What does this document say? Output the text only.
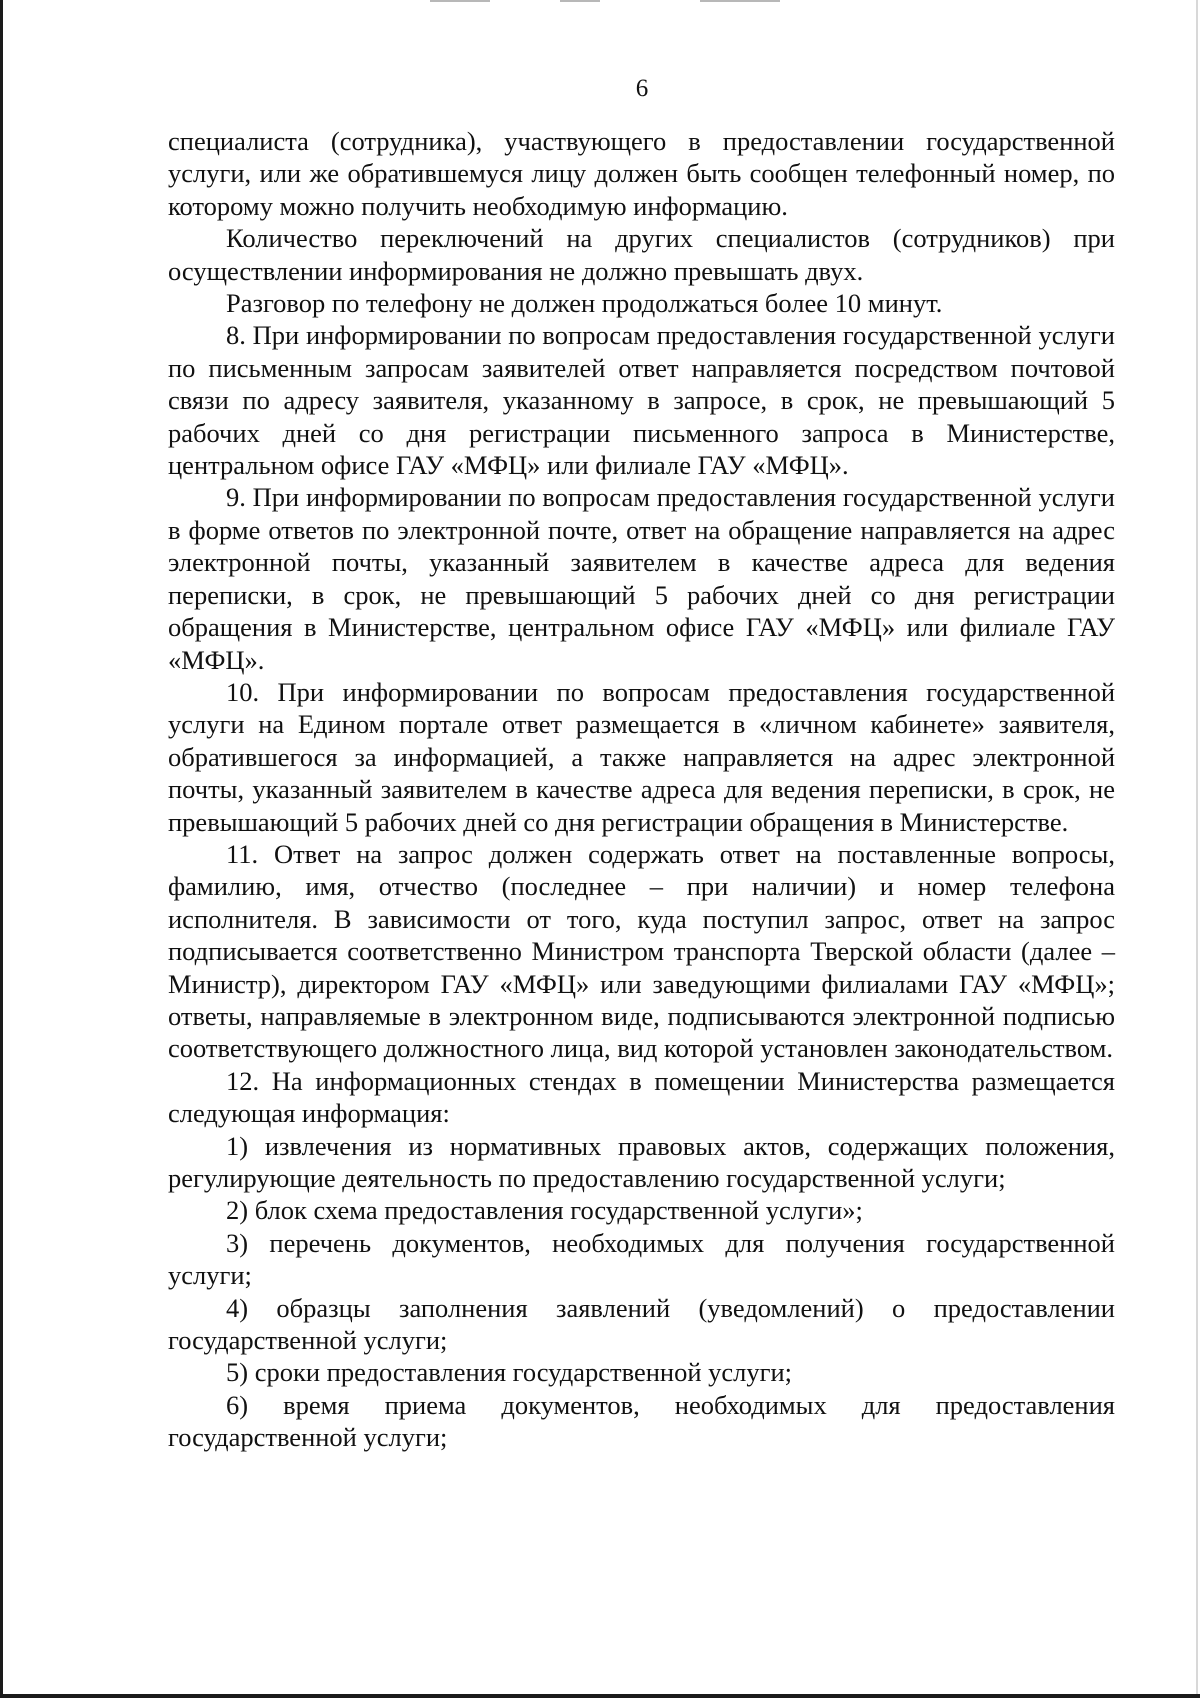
6

специалиста (сотрудника), участвующего в предоставлении государственной услуги, или же обратившемуся лицу должен быть сообщен телефонный номер, по которому можно получить необходимую информацию.

Количество переключений на других специалистов (сотрудников) при осуществлении информирования не должно превышать двух.

Разговор по телефону не должен продолжаться более 10 минут.

8. При информировании по вопросам предоставления государственной услуги по письменным запросам заявителей ответ направляется посредством почтовой связи по адресу заявителя, указанному в запросе, в срок, не превышающий 5 рабочих дней со дня регистрации письменного запроса в Министерстве, центральном офисе ГАУ «МФЦ» или филиале ГАУ «МФЦ».

9. При информировании по вопросам предоставления государственной услуги в форме ответов по электронной почте, ответ на обращение направляется на адрес электронной почты, указанный заявителем в качестве адреса для ведения переписки, в срок, не превышающий 5 рабочих дней со дня регистрации обращения в Министерстве, центральном офисе ГАУ «МФЦ» или филиале ГАУ «МФЦ».

10. При информировании по вопросам предоставления государственной услуги на Едином портале ответ размещается в «личном кабинете» заявителя, обратившегося за информацией, а также направляется на адрес электронной почты, указанный заявителем в качестве адреса для ведения переписки, в срок, не превышающий 5 рабочих дней со дня регистрации обращения в Министерстве.

11. Ответ на запрос должен содержать ответ на поставленные вопросы, фамилию, имя, отчество (последнее – при наличии) и номер телефона исполнителя. В зависимости от того, куда поступил запрос, ответ на запрос подписывается соответственно Министром транспорта Тверской области (далее – Министр), директором ГАУ «МФЦ» или заведующими филиалами ГАУ «МФЦ»; ответы, направляемые в электронном виде, подписываются электронной подписью соответствующего должностного лица, вид которой установлен законодательством.

12. На информационных стендах в помещении Министерства размещается следующая информация:

1) извлечения из нормативных правовых актов, содержащих положения, регулирующие деятельность по предоставлению государственной услуги;

2) блок схема предоставления государственной услуги»;

3) перечень документов, необходимых для получения государственной услуги;

4) образцы заполнения заявлений (уведомлений) о предоставлении государственной услуги;

5) сроки предоставления государственной услуги;

6) время приема документов, необходимых для предоставления государственной услуги;
